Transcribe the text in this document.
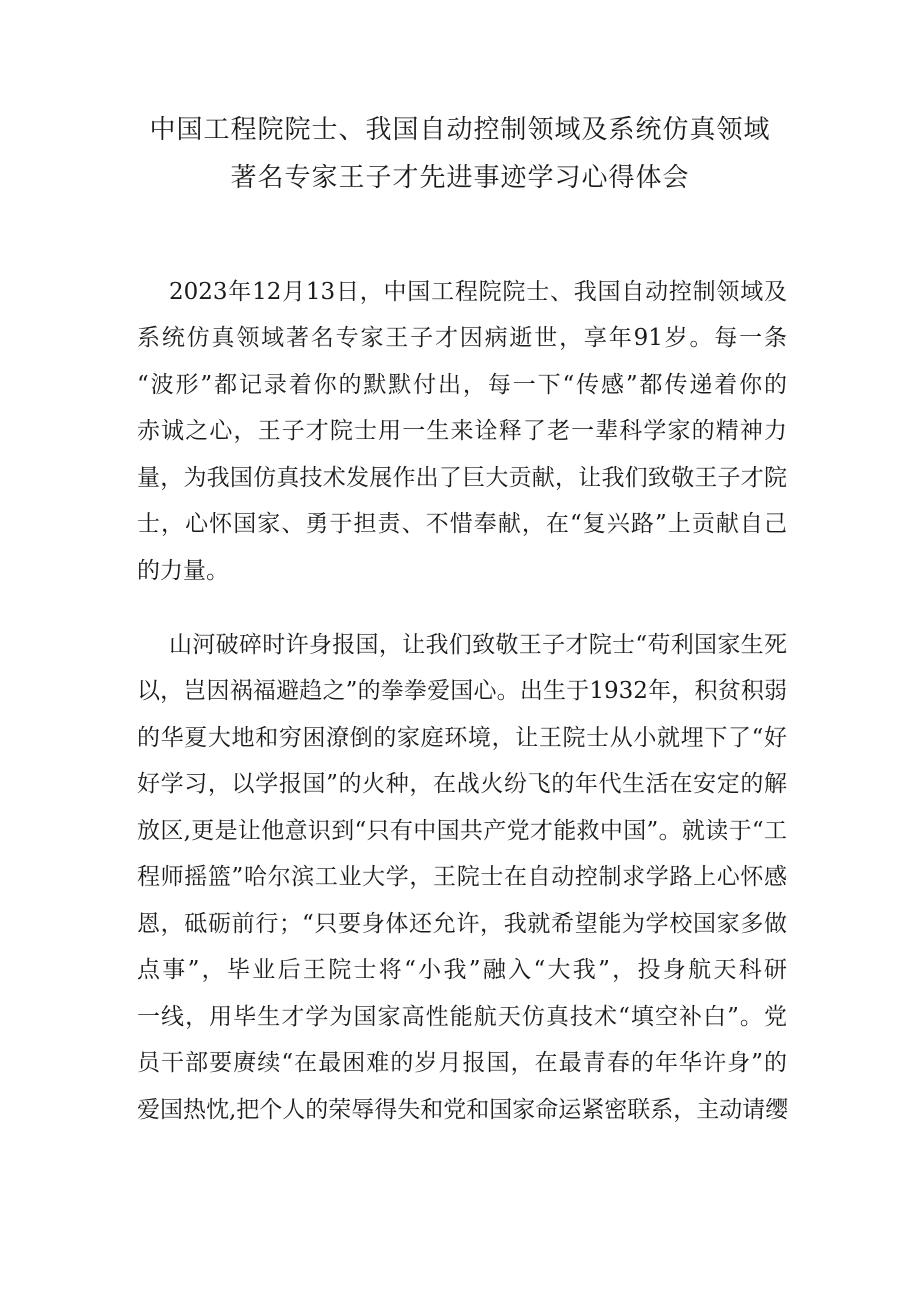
中国工程院院士、我国自动控制领域及系统仿真领域
著名专家王子才先进事迹学习心得体会
2023年12月13日，中国工程院院士、我国自动控制领域及
系统仿真领域著名专家王子才因病逝世，享年91岁。每一条
“波形”都记录着你的默默付出，每一下“传感”都传递着你的
赤诚之心，王子才院士用一生来诠释了老一辈科学家的精神力
量，为我国仿真技术发展作出了巨大贡献，让我们致敬王子才院
士，心怀国家、勇于担责、不惜奉献，在“复兴路”上贡献自己
的力量。
山河破碎时许身报国，让我们致敬王子才院士“苟利国家生死
以，岂因祸福避趋之”的拳拳爱国心。出生于1932年，积贫积弱
的华夏大地和穷困潦倒的家庭环境，让王院士从小就埋下了“好
好学习，以学报国”的火种，在战火纷飞的年代生活在安定的解
放区,更是让他意识到“只有中国共产党才能救中国”。就读于“工
程师摇篮”哈尔滨工业大学，王院士在自动控制求学路上心怀感
恩，砥砺前行；“只要身体还允许，我就希望能为学校国家多做
点事”，毕业后王院士将“小我”融入“大我”，投身航天科研
一线，用毕生才学为国家高性能航天仿真技术“填空补白”。党
员干部要赓续“在最困难的岁月报国，在最青春的年华许身”的
爱国热忱,把个人的荣辱得失和党和国家命运紧密联系，主动请缨
